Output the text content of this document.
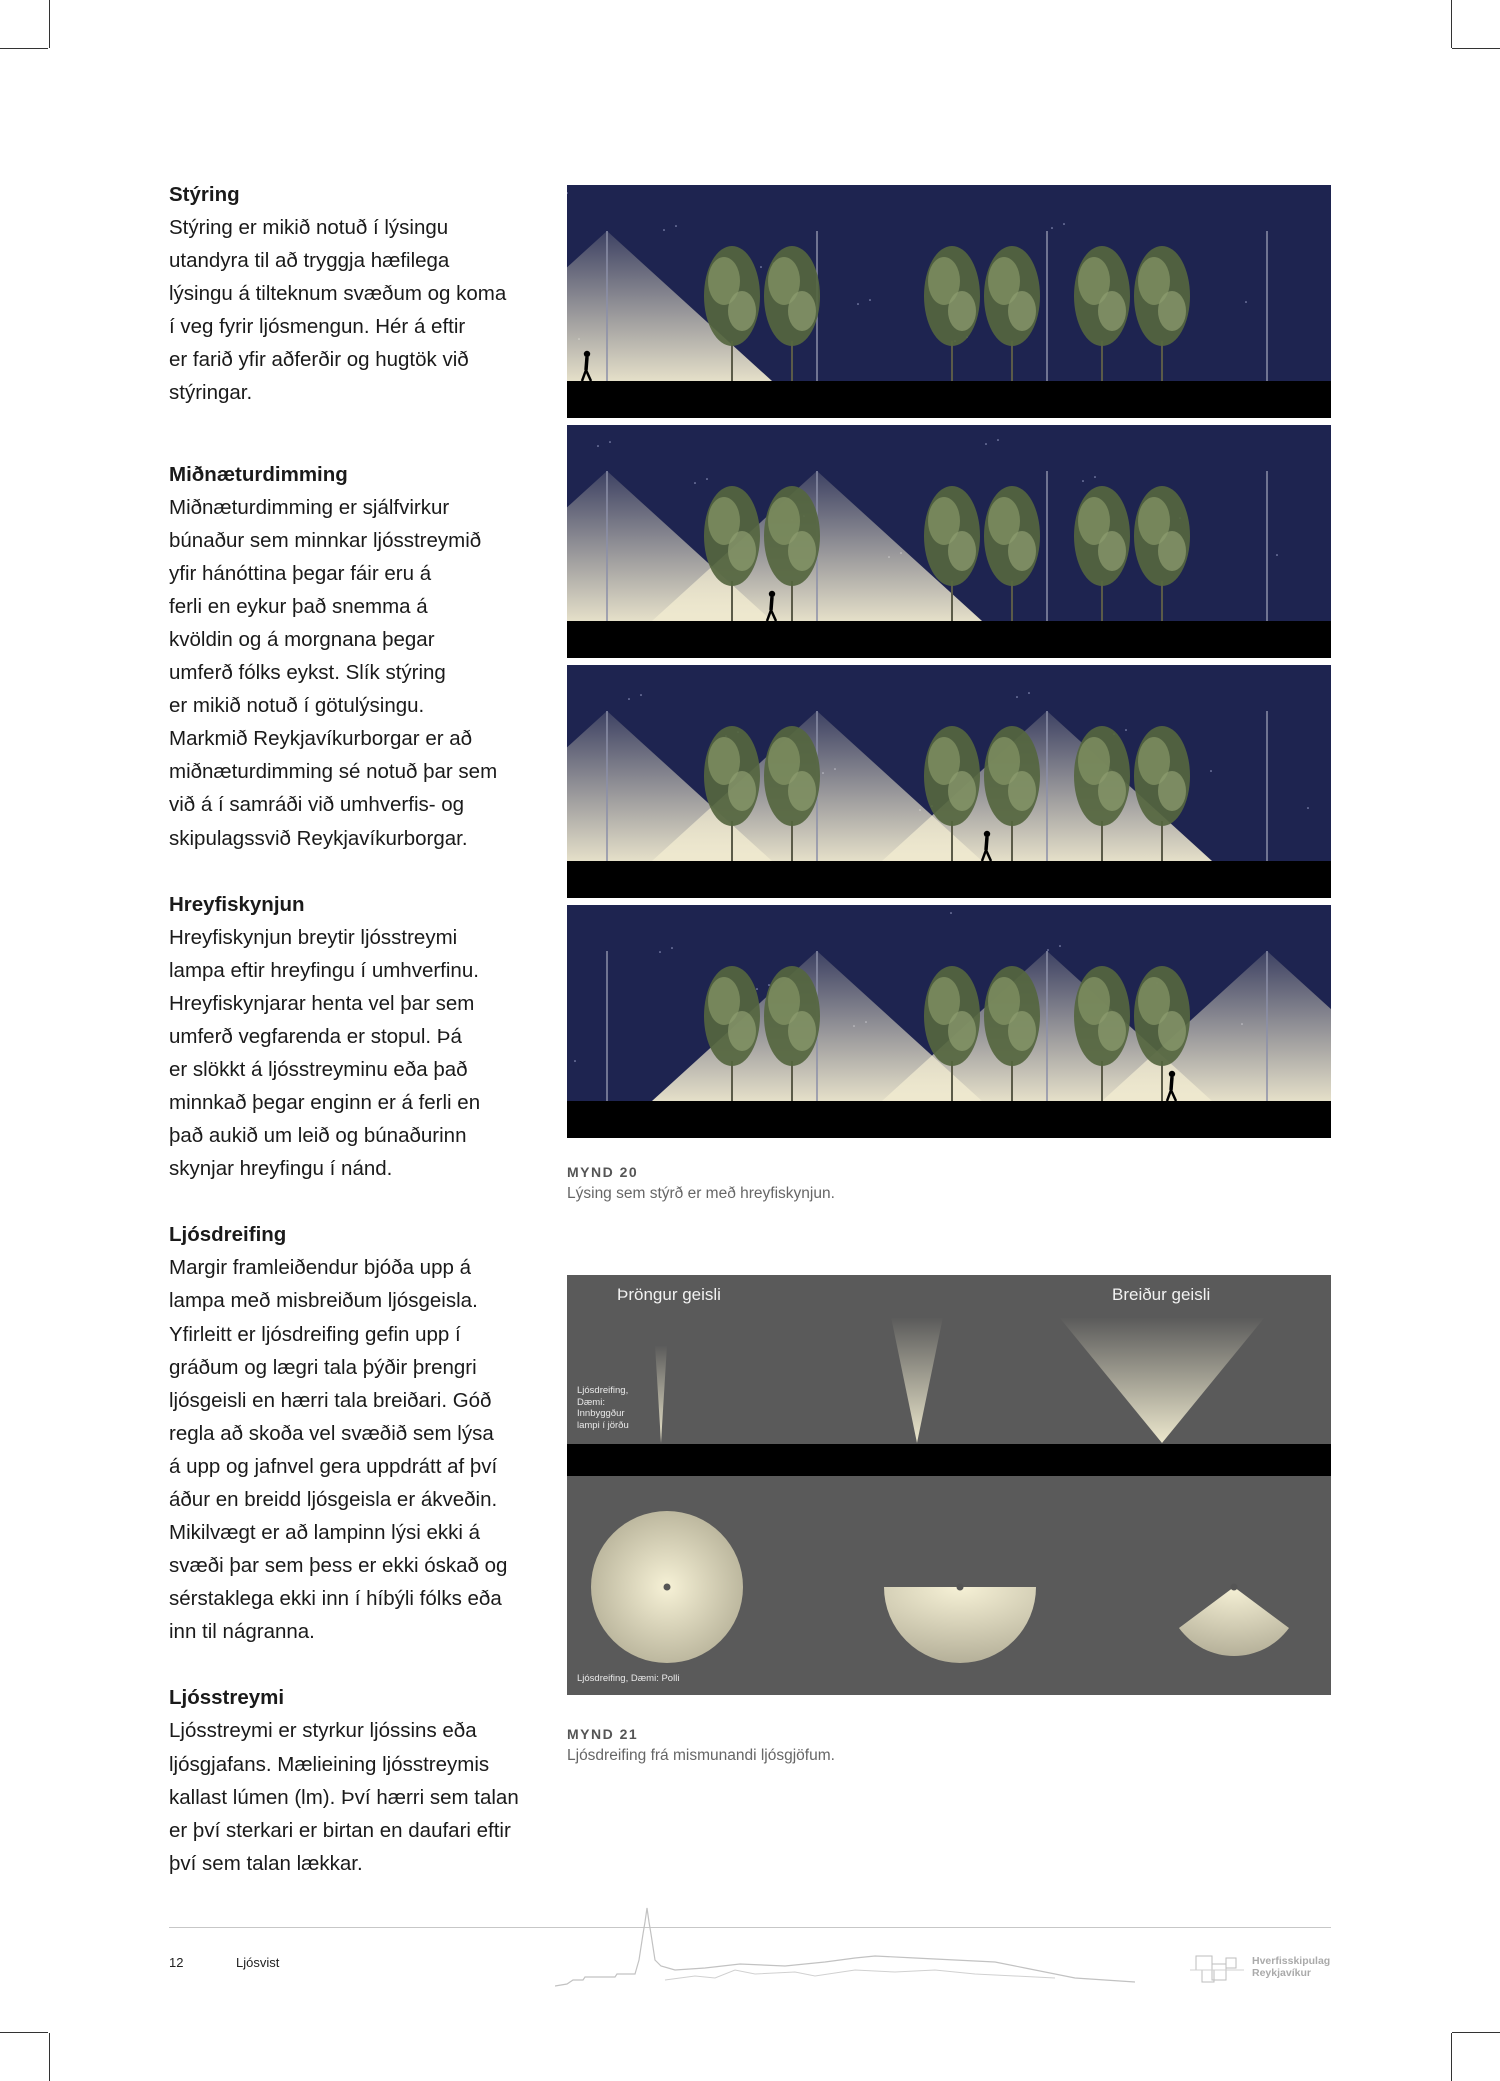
Stýring

Stýring er mikið notuð í lýsingu
utandyra til að tryggja hæfilega
lýsingu á tilteknum svæðum og koma
í veg fyrir ljósmengun. Hér á eftir
er farið yfir aðferðir og hugtök við
stýringar.

Miðnæturdimming

Miðnæturdimming er sjálfvirkur
búnaður sem minnkar ljósstreymið
yfir hánóttina þegar fáir eru á
ferli en eykur það snemma á
kvöldin og á morgnana þegar
umferð fólks eykst. Slík stýring
er mikið notuð í götulýsingu.
Markmið Reykjavíkurborgar er að
miðnæturdimming sé notuð þar sem
við á í samráði við umhverfis- og
skipulagssvið Reykjavíkurborgar.

Hreyfiskynjun

Hreyfiskynjun breytir ljósstreymi
lampa eftir hreyfingu í umhverfinu.
Hreyfiskynjarar henta vel þar sem
umferð vegfarenda er stopul. Þá
er slökkt á ljósstreyminu eða það
minnkað þegar enginn er á ferli en
það aukið um leið og búnaðurinn
skynjar hreyfingu í nánd.

Ljósdreifing

Margir framleiðendur bjóða upp á
lampa með misbreiðum ljósgeisla.
Yfirleitt er ljósdreifing gefin upp í
gráðum og lægri tala þýðir þrengri
ljósgeisli en hærri tala breiðari. Góð
regla að skoða vel svæðið sem lýsa
á upp og jafnvel gera uppdrátt af því
áður en breidd ljósgeisla er ákveðin.
Mikilvægt er að lampinn lýsi ekki á
svæði þar sem þess er ekki óskað og
sérstaklega ekki inn í híbýli fólks eða
inn til nágranna.

Ljósstreymi

Ljósstreymi er styrkur ljóssins eða
ljósgjafans. Mælieining ljósstreymis
kallast lúmen (lm). Því hærri sem talan
er því sterkari er birtan en daufari eftir
því sem talan lækkar.

MYND 20
Lýsing sem stýrð er með hreyfiskynjun.
Þröngur geisli	Breiður geisli
Ljósdreifing,
Dæmi:
Innbyggður
lampi í jörðu
Ljósdreifing, Dæmi: Polli
MYND 21
Ljósdreifing frá mismunandi ljósgjöfum.
12	Ljósvist	Hverfisskipulag
Reykjavíkur
